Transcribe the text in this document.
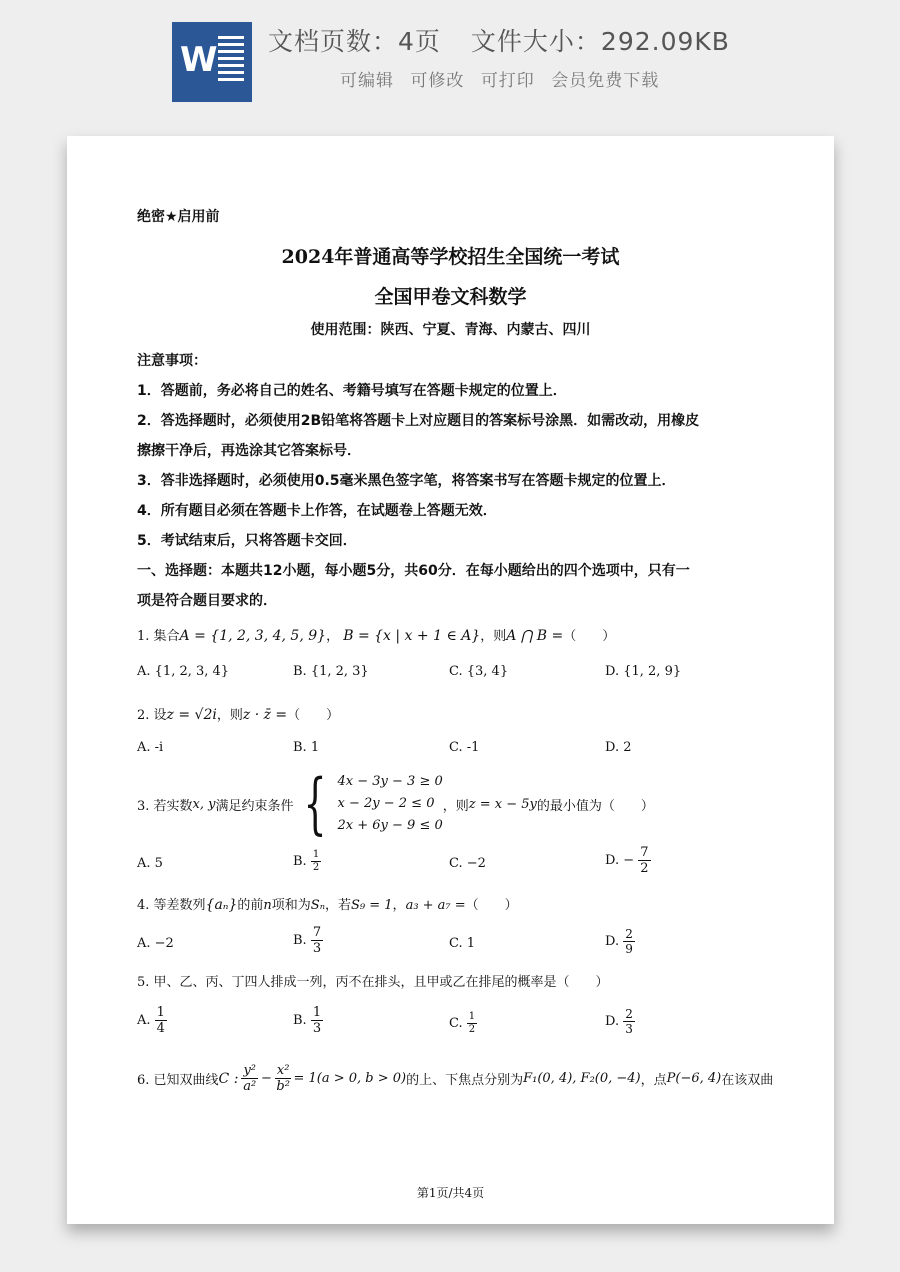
W 文档页数：4页 文件大小：292.09KB
可编辑 可修改 可打印 会员免费下载
绝密★启用前
2024年普通高等学校招生全国统一考试
全国甲卷文科数学
使用范围：陕西、宁夏、青海、内蒙古、四川
注意事项：
1．答题前，务必将自己的姓名、考籍号填写在答题卡规定的位置上．
2．答选择题时，必须使用2B铅笔将答题卡上对应题目的答案标号涂黑．如需改动，用橡皮
擦擦干净后，再选涂其它答案标号．
3．答非选择题时，必须使用0.5毫米黑色签字笔，将答案书写在答题卡规定的位置上．
4．所有题目必须在答题卡上作答，在试题卷上答题无效．
5．考试结束后，只将答题卡交回．
一、选择题：本题共12小题，每小题5分，共60分．在每小题给出的四个选项中，只有一
项是符合题目要求的．
1. 集合A = {1, 2, 3, 4, 5, 9}， B = {x | x + 1 ∈ A}，则A ⋂ B =（　　）
A. {1, 2, 3, 4}	B. {1, 2, 3}	C. {3, 4}	D. {1, 2, 9}
2. 设z = √2i，则z · z̄ =（　　）
A. -i	B. 1	C. -1	D. 2
3. 若实数 x, y 满足约束条件 { 4x − 3y − 3 ≥ 0
x − 2y − 2 ≤ 0
2x + 6y − 9 ≤ 0
，则 z = x − 5y 的最小值为（　　）
A. 5	B. $\frac{1}{2}$	C. −2	D. − $\frac{7}{2}$
4. 等差数列{aₙ}的前n项和为Sₙ，若S₉ = 1，a₃ + a₇ =（　　）
A. −2	B. $\frac{7}{3}$	C. 1	D. $\frac{2}{9}$
5. 甲、乙、丙、丁四人排成一列，丙不在排头，且甲或乙在排尾的概率是（　　）
A. $\frac{1}{4}$	B. $\frac{1}{3}$	C. $\frac{1}{2}$	D. $\frac{2}{3}$
6. 已知双曲线 C : $\frac{\text{y²}}{\text{a²}} - \frac{\text{x²}}{\text{b²}} = 1(a > 0$, b > 0) 的上、下焦点分别为 F₁(0, 4), F₂(0, −4) ，点 P(−6, 4) 在该双曲
第1页/共4页
